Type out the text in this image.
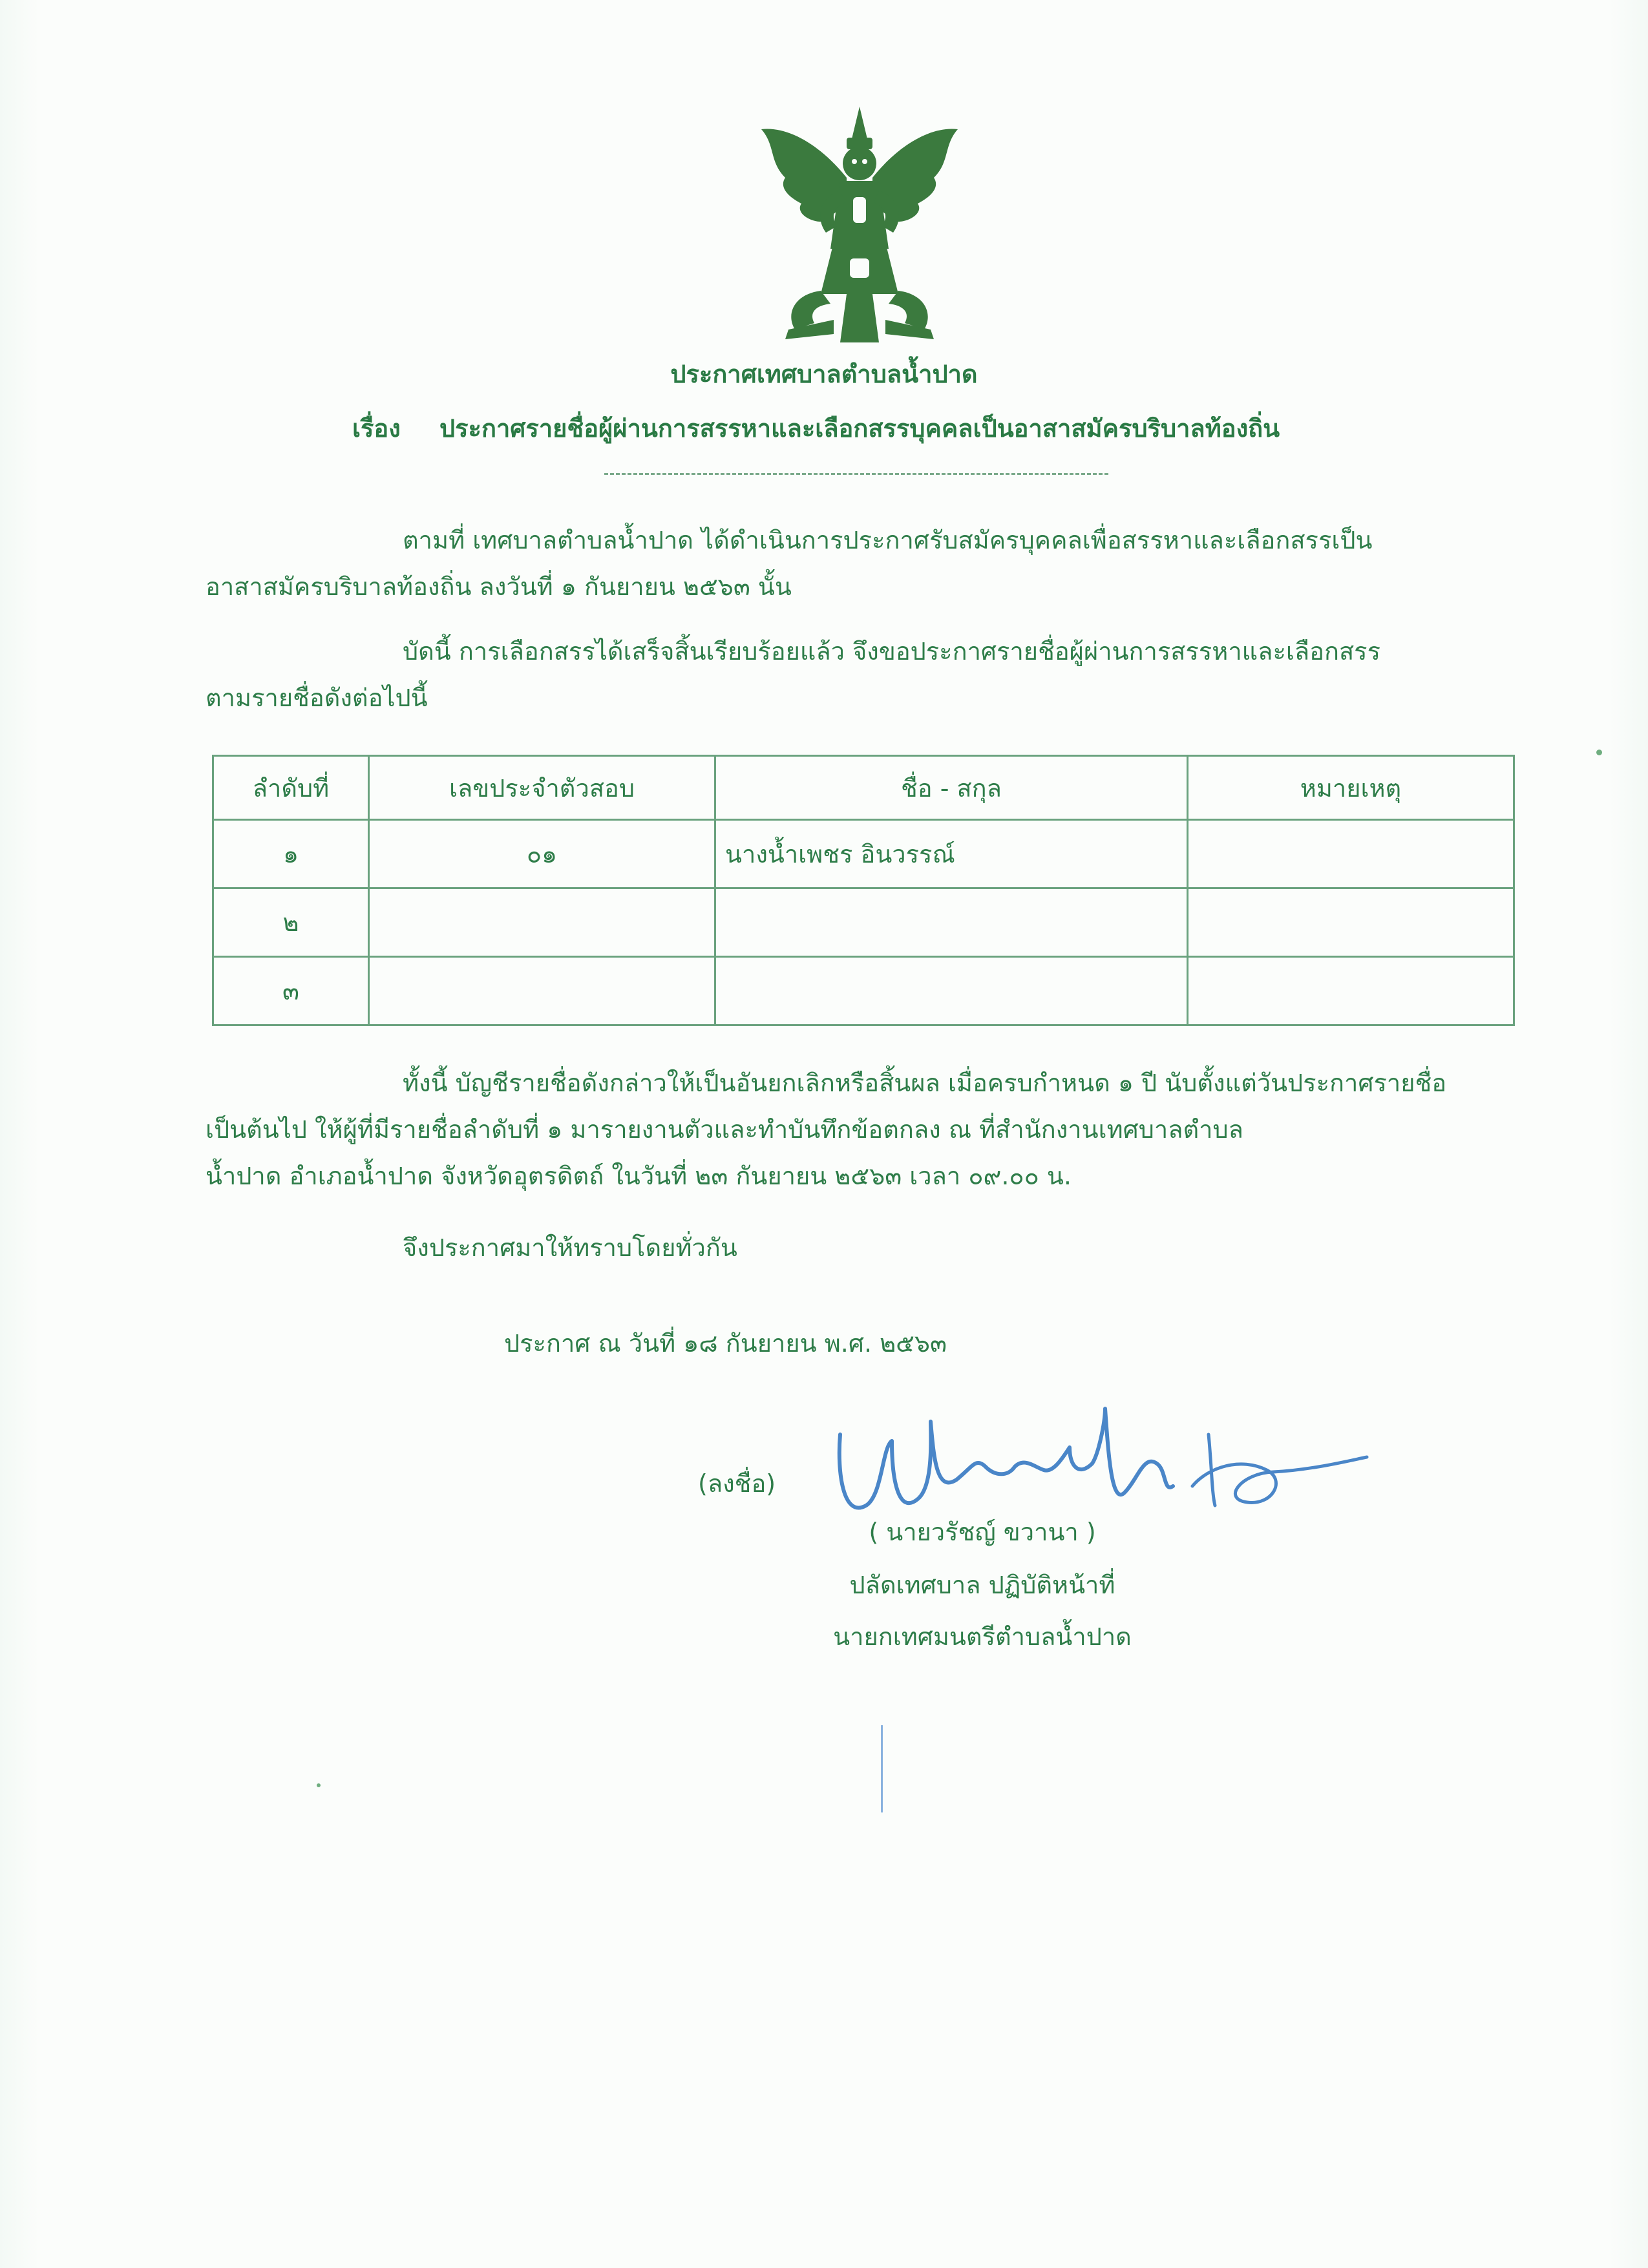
ประกาศเทศบาลตำบลน้ำปาด
เรื่อง ประกาศรายชื่อผู้ผ่านการสรรหาและเลือกสรรบุคคลเป็นอาสาสมัครบริบาลท้องถิ่น

ตามที่ เทศบาลตำบลน้ำปาด ได้ดำเนินการประกาศรับสมัครบุคคลเพื่อสรรหาและเลือกสรรเป็น

อาสาสมัครบริบาลท้องถิ่น ลงวันที่ ๑ กันยายน ๒๕๖๓ นั้น

บัดนี้ การเลือกสรรได้เสร็จสิ้นเรียบร้อยแล้ว จึงขอประกาศรายชื่อผู้ผ่านการสรรหาและเลือกสรร

ตามรายชื่อดังต่อไปนี้

ลำดับที่	เลขประจำตัวสอบ	ชื่อ - สกุล	หมายเหตุ
๑	๐๑	นางน้ำเพชร อินวรรณ์	
๒			
๓			

ทั้งนี้ บัญชีรายชื่อดังกล่าวให้เป็นอันยกเลิกหรือสิ้นผล เมื่อครบกำหนด ๑ ปี นับตั้งแต่วันประกาศรายชื่อ

เป็นต้นไป ให้ผู้ที่มีรายชื่อลำดับที่ ๑ มารายงานตัวและทำบันทึกข้อตกลง ณ ที่สำนักงานเทศบาลตำบล

น้ำปาด อำเภอน้ำปาด จังหวัดอุตรดิตถ์ ในวันที่ ๒๓ กันยายน ๒๕๖๓ เวลา ๐๙.๐๐ น.

จึงประกาศมาให้ทราบโดยทั่วกัน

ประกาศ ณ วันที่ ๑๘ กันยายน พ.ศ. ๒๕๖๓
(ลงชื่อ)
( นายวรัชญ์ ขวานา )
ปลัดเทศบาล ปฏิบัติหน้าที่
นายกเทศมนตรีตำบลน้ำปาด
